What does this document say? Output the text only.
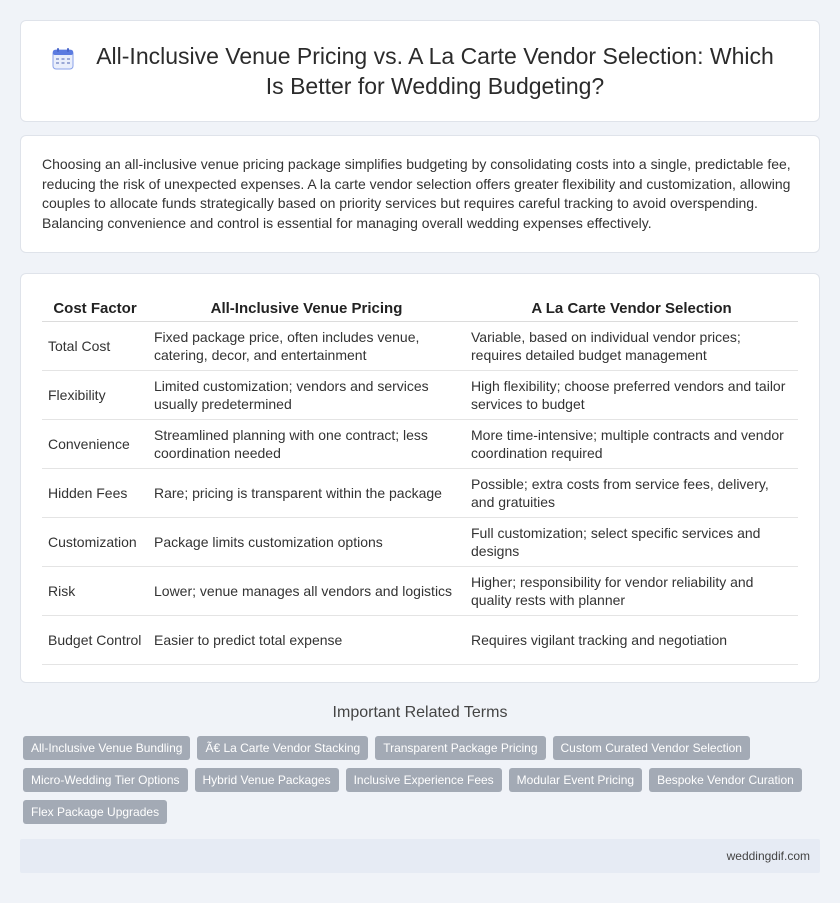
All-Inclusive Venue Pricing vs. A La Carte Vendor Selection: Which Is Better for Wedding Budgeting?

Choosing an all-inclusive venue pricing package simplifies budgeting by consolidating costs into a single, predictable fee, reducing the risk of unexpected expenses. A la carte vendor selection offers greater flexibility and customization, allowing couples to allocate funds strategically based on priority services but requires careful tracking to avoid overspending. Balancing convenience and control is essential for managing overall wedding expenses effectively.

Cost Factor	All-Inclusive Venue Pricing	A La Carte Vendor Selection
Total Cost	Fixed package price, often includes venue, catering, decor, and entertainment	Variable, based on individual vendor prices; requires detailed budget management
Flexibility	Limited customization; vendors and services usually predetermined	High flexibility; choose preferred vendors and tailor services to budget
Convenience	Streamlined planning with one contract; less coordination needed	More time-intensive; multiple contracts and vendor coordination required
Hidden Fees	Rare; pricing is transparent within the package	Possible; extra costs from service fees, delivery, and gratuities
Customization	Package limits customization options	Full customization; select specific services and designs
Risk	Lower; venue manages all vendors and logistics	Higher; responsibility for vendor reliability and quality rests with planner
Budget Control	Easier to predict total expense	Requires vigilant tracking and negotiation
Important Related Terms
All-Inclusive Venue Bundling	Ã€ La Carte Vendor Stacking	Transparent Package Pricing	Custom Curated Vendor Selection
Micro-Wedding Tier Options	Hybrid Venue Packages	Inclusive Experience Fees	Modular Event Pricing	Bespoke Vendor Curation
Flex Package Upgrades
weddingdif.com
